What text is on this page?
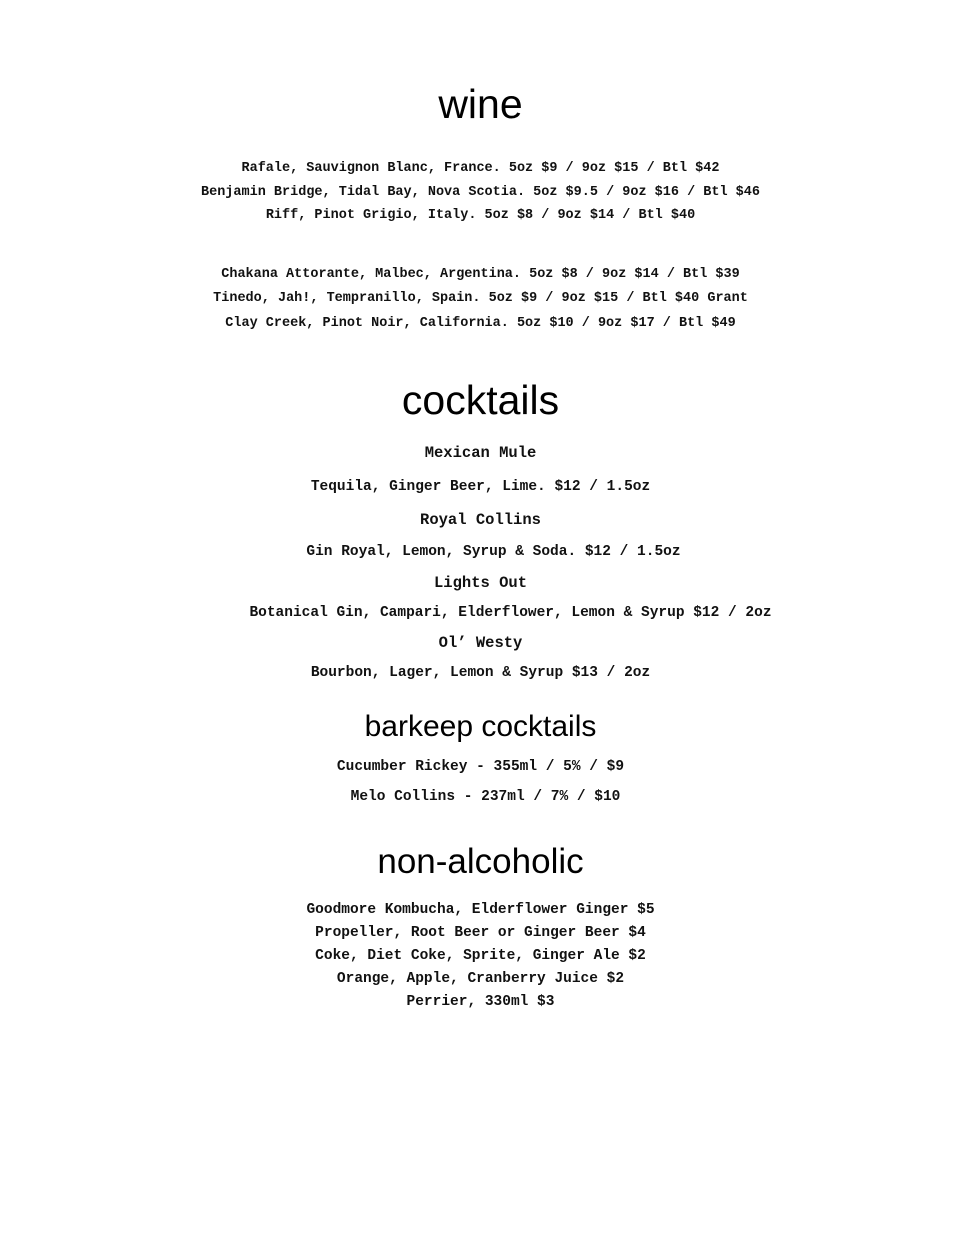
wine

Rafale, Sauvignon Blanc, France. 5oz $9 / 9oz $15 / Btl $42

Benjamin Bridge, Tidal Bay, Nova Scotia. 5oz $9.5 / 9oz $16 / Btl $46

Riff, Pinot Grigio, Italy. 5oz $8 / 9oz $14 / Btl $40

Chakana Attorante, Malbec, Argentina. 5oz $8 / 9oz $14 / Btl $39

Tinedo, Jah!, Tempranillo, Spain. 5oz $9 / 9oz $15 / Btl $40 Grant

Clay Creek, Pinot Noir, California. 5oz $10 / 9oz $17 / Btl $49

cocktails

Mexican Mule

Tequila, Ginger Beer, Lime. $12 / 1.5oz

Royal Collins

Gin Royal, Lemon, Syrup & Soda. $12 / 1.5oz

Lights Out

Botanical Gin, Campari, Elderflower, Lemon & Syrup $12 / 2oz

Ol’ Westy

Bourbon, Lager, Lemon & Syrup $13 / 2oz

barkeep cocktails

Cucumber Rickey - 355ml / 5% / $9

Melo Collins - 237ml / 7% / $10

non-alcoholic

Goodmore Kombucha, Elderflower Ginger $5

Propeller, Root Beer or Ginger Beer $4

Coke, Diet Coke, Sprite, Ginger Ale $2

Orange, Apple, Cranberry Juice $2

Perrier, 330ml $3
